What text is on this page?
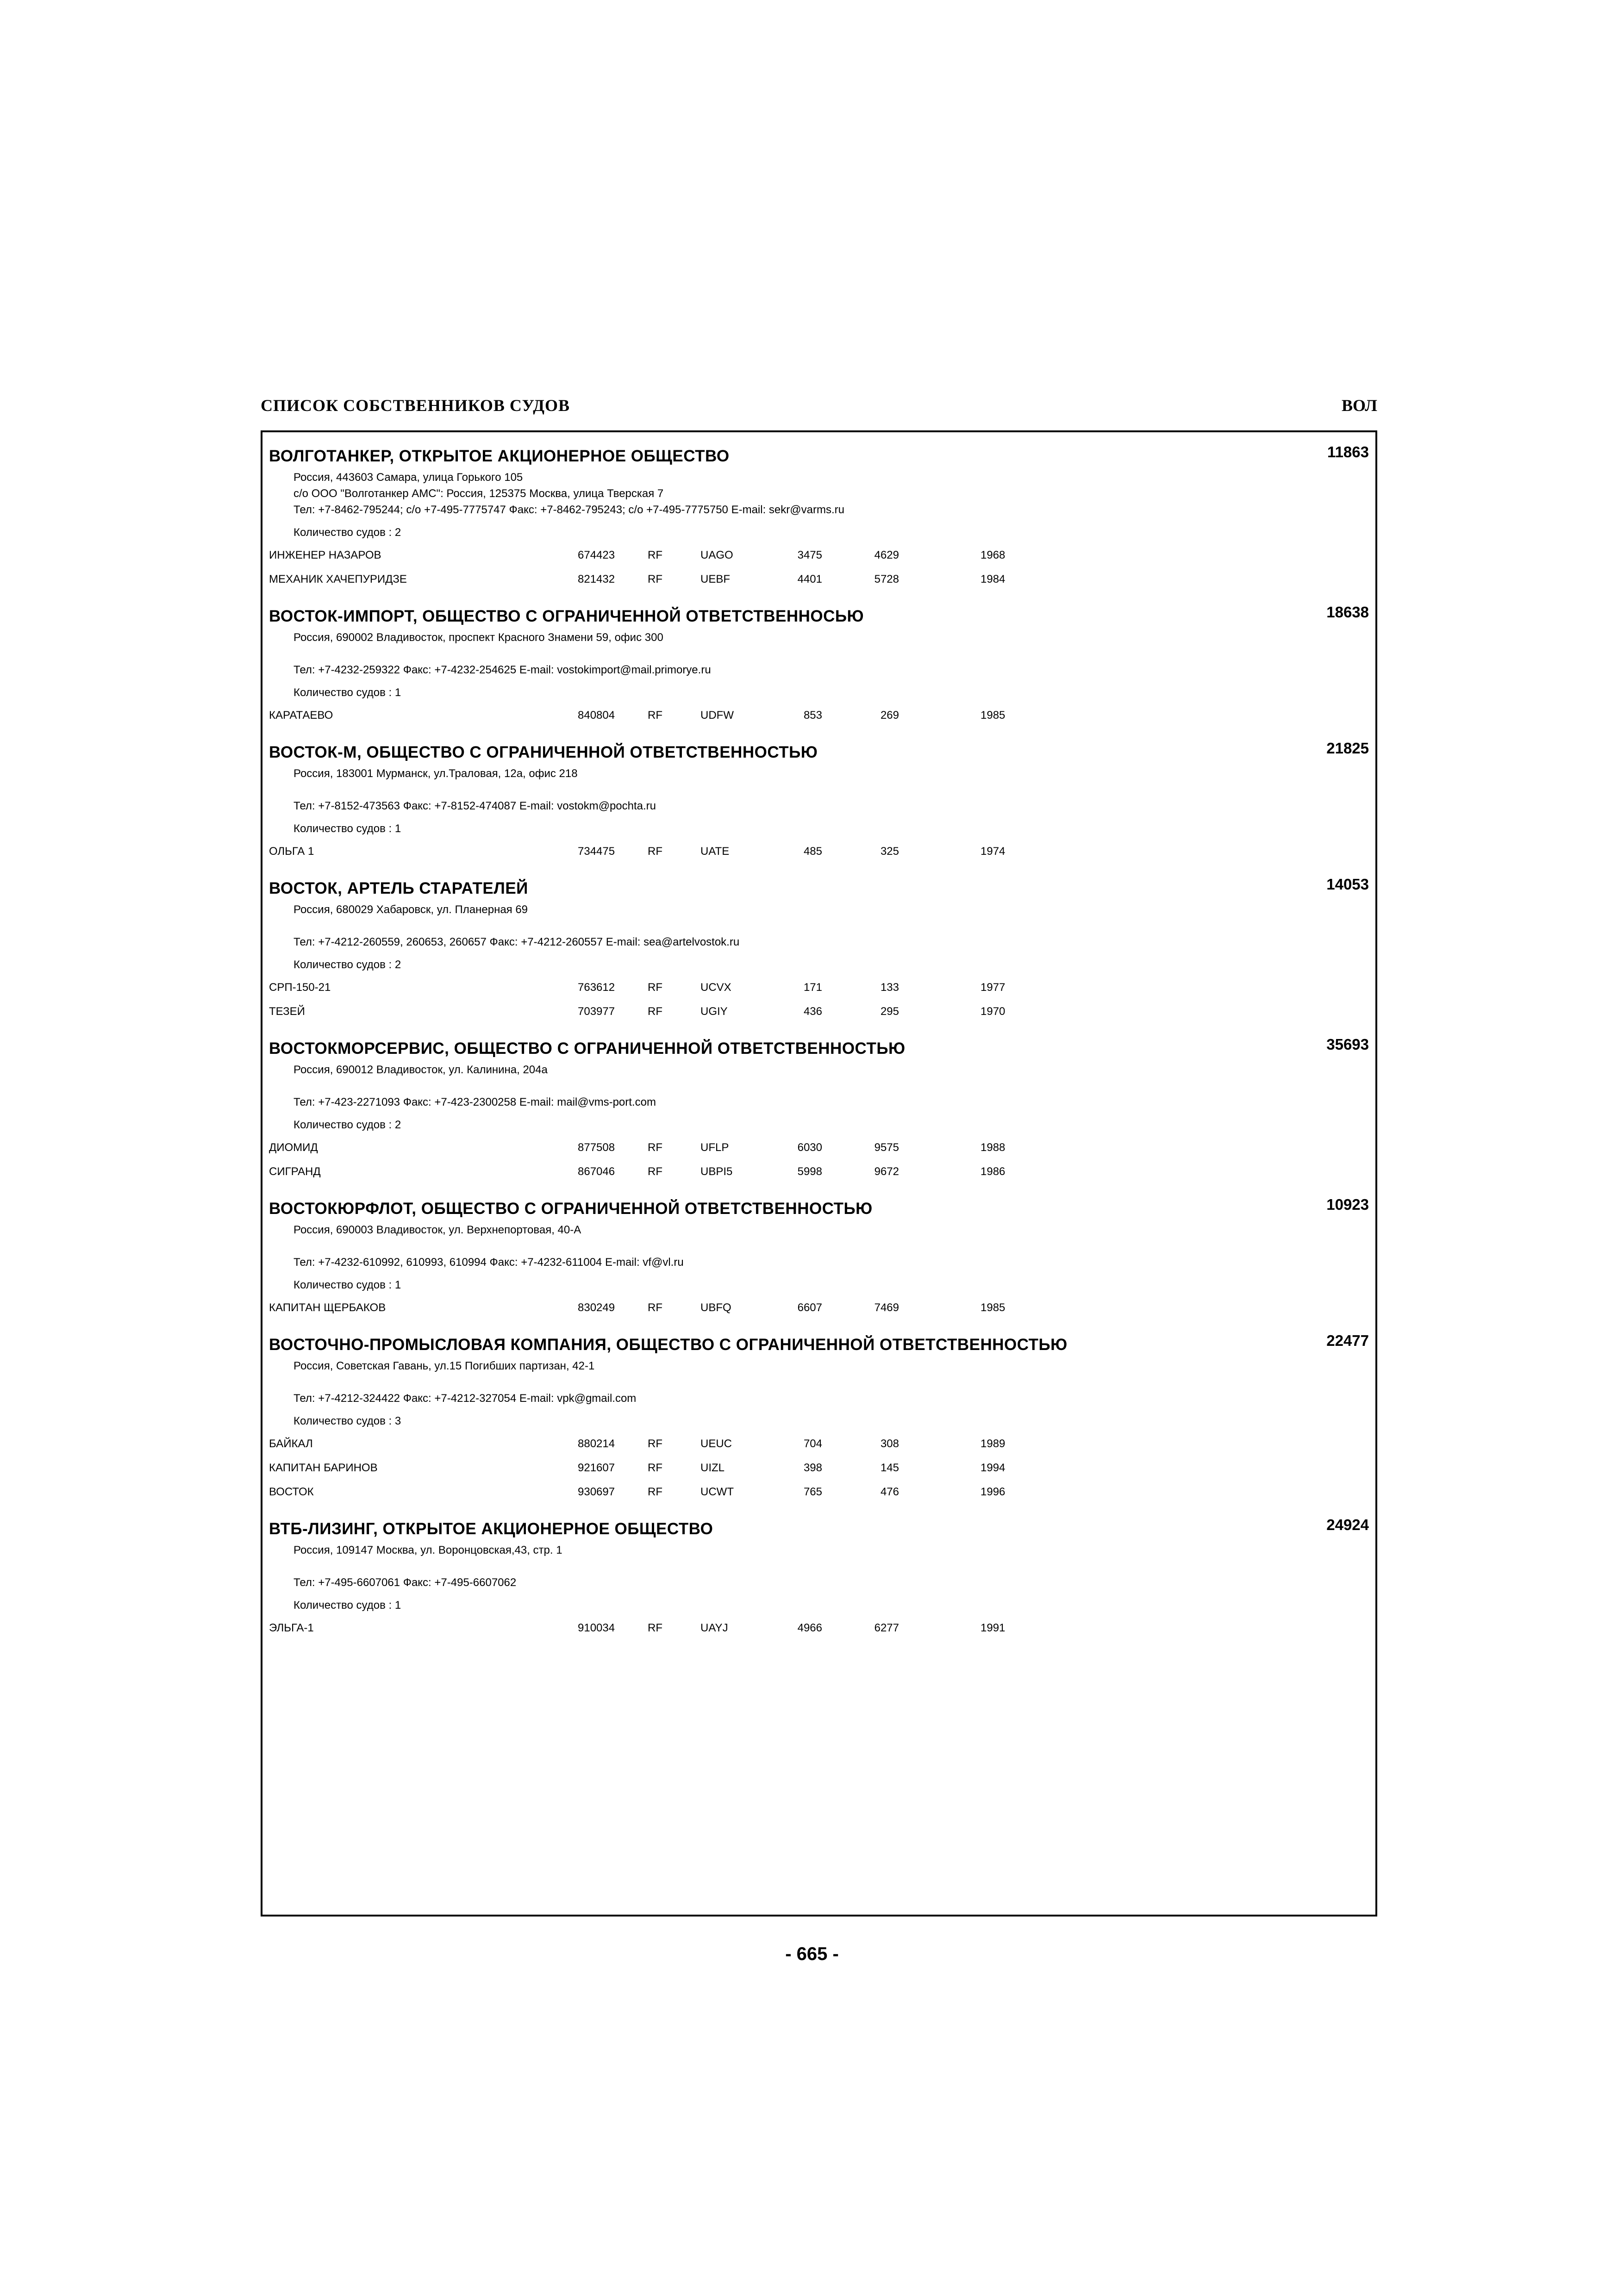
СПИСОК СОБСТВЕННИКОВ СУДОВ	ВОЛ
ВОЛГОТАНКЕР, ОТКРЫТОЕ АКЦИОНЕРНОЕ ОБЩЕСТВО	11863
Россия, 443603 Самара, улица Горького 105
c/o ООО "Волготанкер АМС": Россия, 125375 Москва, улица Тверская 7
Тел: +7-8462-795244; c/o +7-495-7775747 Факс: +7-8462-795243; c/o +7-495-7775750 E-mail: sekr@varms.ru
Количество судов : 2
ИНЖЕНЕР НАЗАРОВ	674423	RF	UAGO	3475	4629	1968
МЕХАНИК ХАЧЕПУРИДЗЕ	821432	RF	UEBF	4401	5728	1984
ВОСТОК-ИМПОРТ, ОБЩЕСТВО С ОГРАНИЧЕННОЙ ОТВЕТСТВЕННОСЬЮ	18638
Россия, 690002 Владивосток, проспект Красного Знамени 59, офис 300

Тел: +7-4232-259322 Факс: +7-4232-254625 E-mail: vostokimport@mail.primorye.ru
Количество судов : 1
КАРАТАЕВО	840804	RF	UDFW	853	269	1985
ВОСТОК-М, ОБЩЕСТВО С ОГРАНИЧЕННОЙ ОТВЕТСТВЕННОСТЬЮ	21825
Россия, 183001 Мурманск, ул.Траловая, 12а, офис 218

Тел: +7-8152-473563 Факс: +7-8152-474087 E-mail: vostokm@pochta.ru
Количество судов : 1
ОЛЬГА 1	734475	RF	UATE	485	325	1974
ВОСТОК, АРТЕЛЬ СТАРАТЕЛЕЙ	14053
Россия, 680029 Хабаровск, ул. Планерная 69

Тел: +7-4212-260559, 260653, 260657 Факс: +7-4212-260557 E-mail: sea@artelvostok.ru
Количество судов : 2
СРП-150-21	763612	RF	UCVX	171	133	1977
ТЕЗЕЙ	703977	RF	UGIY	436	295	1970
ВОСТОКМОРСЕРВИС, ОБЩЕСТВО С ОГРАНИЧЕННОЙ ОТВЕТСТВЕННОСТЬЮ	35693
Россия, 690012 Владивосток, ул. Калинина, 204а

Тел: +7-423-2271093 Факс: +7-423-2300258 E-mail: mail@vms-port.com
Количество судов : 2
ДИОМИД	877508	RF	UFLP	6030	9575	1988
СИГРАНД	867046	RF	UBPI5	5998	9672	1986
ВОСТОКЮРФЛОТ, ОБЩЕСТВО С ОГРАНИЧЕННОЙ ОТВЕТСТВЕННОСТЬЮ	10923
Россия, 690003 Владивосток, ул. Верхнепортовая, 40-А

Тел: +7-4232-610992, 610993, 610994 Факс: +7-4232-611004 E-mail: vf@vl.ru
Количество судов : 1
КАПИТАН ЩЕРБАКОВ	830249	RF	UBFQ	6607	7469	1985
ВОСТОЧНО-ПРОМЫСЛОВАЯ КОМПАНИЯ, ОБЩЕСТВО С ОГРАНИЧЕННОЙ ОТВЕТСТВЕННОСТЬЮ	22477
Россия, Советская Гавань, ул.15 Погибших партизан, 42-1

Тел: +7-4212-324422 Факс: +7-4212-327054 E-mail: vpk@gmail.com
Количество судов : 3
БАЙКАЛ	880214	RF	UEUC	704	308	1989
КАПИТАН БАРИНОВ	921607	RF	UIZL	398	145	1994
ВОСТОК	930697	RF	UCWT	765	476	1996
ВТБ-ЛИЗИНГ, ОТКРЫТОЕ АКЦИОНЕРНОЕ ОБЩЕСТВО	24924
Россия, 109147 Москва, ул. Воронцовская,43, стр. 1

Тел: +7-495-6607061 Факс: +7-495-6607062
Количество судов : 1
ЭЛЬГА-1	910034	RF	UAYJ	4966	6277	1991
- 665 -
